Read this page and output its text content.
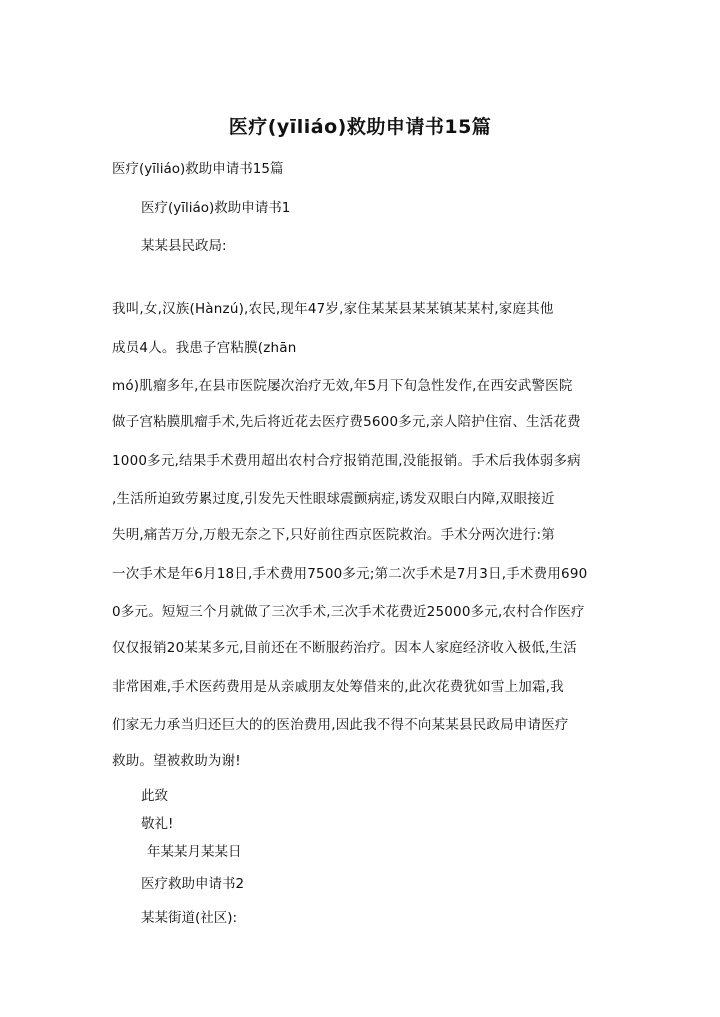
医疗(yīliáo)救助申请书15篇
医疗(yīliáo)救助申请书15篇
医疗(yīliáo)救助申请书1
某某县民政局:
我叫,女,汉族(Hànzú),农民,现年47岁,家住某某县某某镇某某村,家庭其他
成员4人。我患子宫粘膜(zhān
mó)肌瘤多年,在县市医院屡次治疗无效,年5月下旬急性发作,在西安武警医院
做子宫粘膜肌瘤手术,先后将近花去医疗费5600多元,亲人陪护住宿、生活花费
1000多元,结果手术费用超出农村合疗报销范围,没能报销。手术后我体弱多病
,生活所迫致劳累过度,引发先天性眼球震颤病症,诱发双眼白内障,双眼接近
失明,痛苦万分,万般无奈之下,只好前往西京医院救治。手术分两次进行:第
一次手术是年6月18日,手术费用7500多元;第二次手术是7月3日,手术费用690
0多元。短短三个月就做了三次手术,三次手术花费近25000多元,农村合作医疗
仅仅报销20某某多元,目前还在不断服药治疗。因本人家庭经济收入极低,生活
非常困难,手术医药费用是从亲戚朋友处筹借来的,此次花费犹如雪上加霜,我
们家无力承当归还巨大的的医治费用,因此我不得不向某某县民政局申请医疗
救助。望被救助为谢!
此致
敬礼!
年某某月某某日
医疗救助申请书2
某某街道(社区):
